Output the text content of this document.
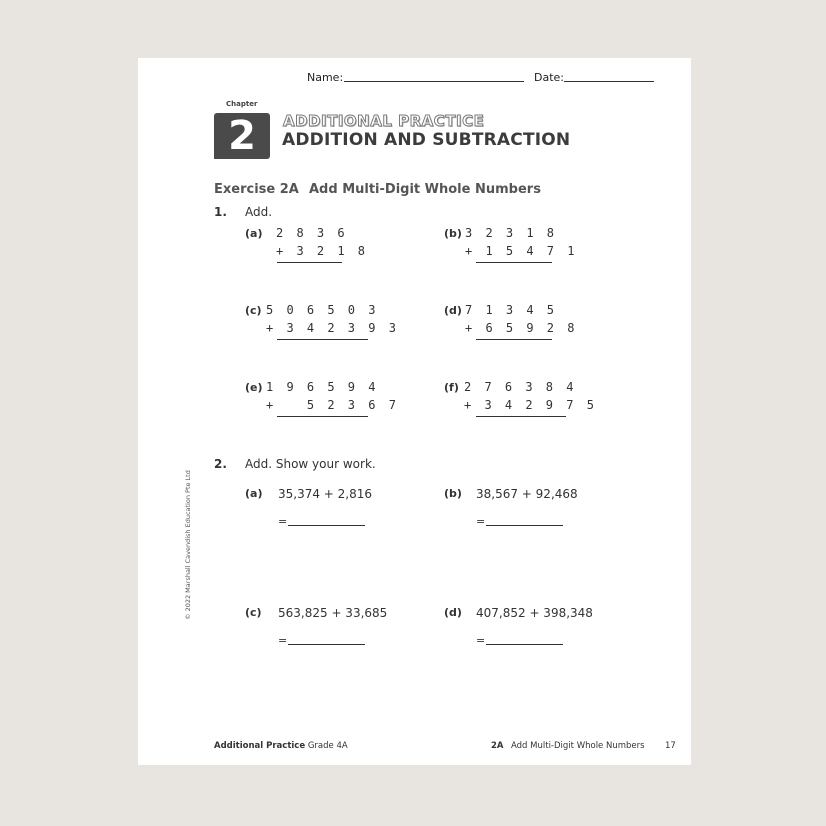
Name:	Date:
Chapter
2 ADDITIONAL PRACTICE
ADDITION AND SUBTRACTION
Exercise 2A Add Multi-Digit Whole Numbers
1. Add.
(a) 2 8 3 6
+ 3 2 1 8
(b) 3 2 3 1 8
+ 1 5 4 7 1
(c) 5 0 6 5 0 3
+ 3 4 2 3 9 3
(d) 7 1 3 4 5
+ 6 5 9 2 8
(e) 1 9 6 5 9 4
+   5 2 3 6 7
(f) 2 7 6 3 8 4
+ 3 4 2 9 7 5
2. Add. Show your work.
(a) 35,374 + 2,816
=
(b) 38,567 + 92,468
=
(c) 563,825 + 33,685
=
(d) 407,852 + 398,348
=
Additional Practice Grade 4A	2A Add Multi-Digit Whole Numbers 17
© 2022 Marshall Cavendish Education Pte Ltd
